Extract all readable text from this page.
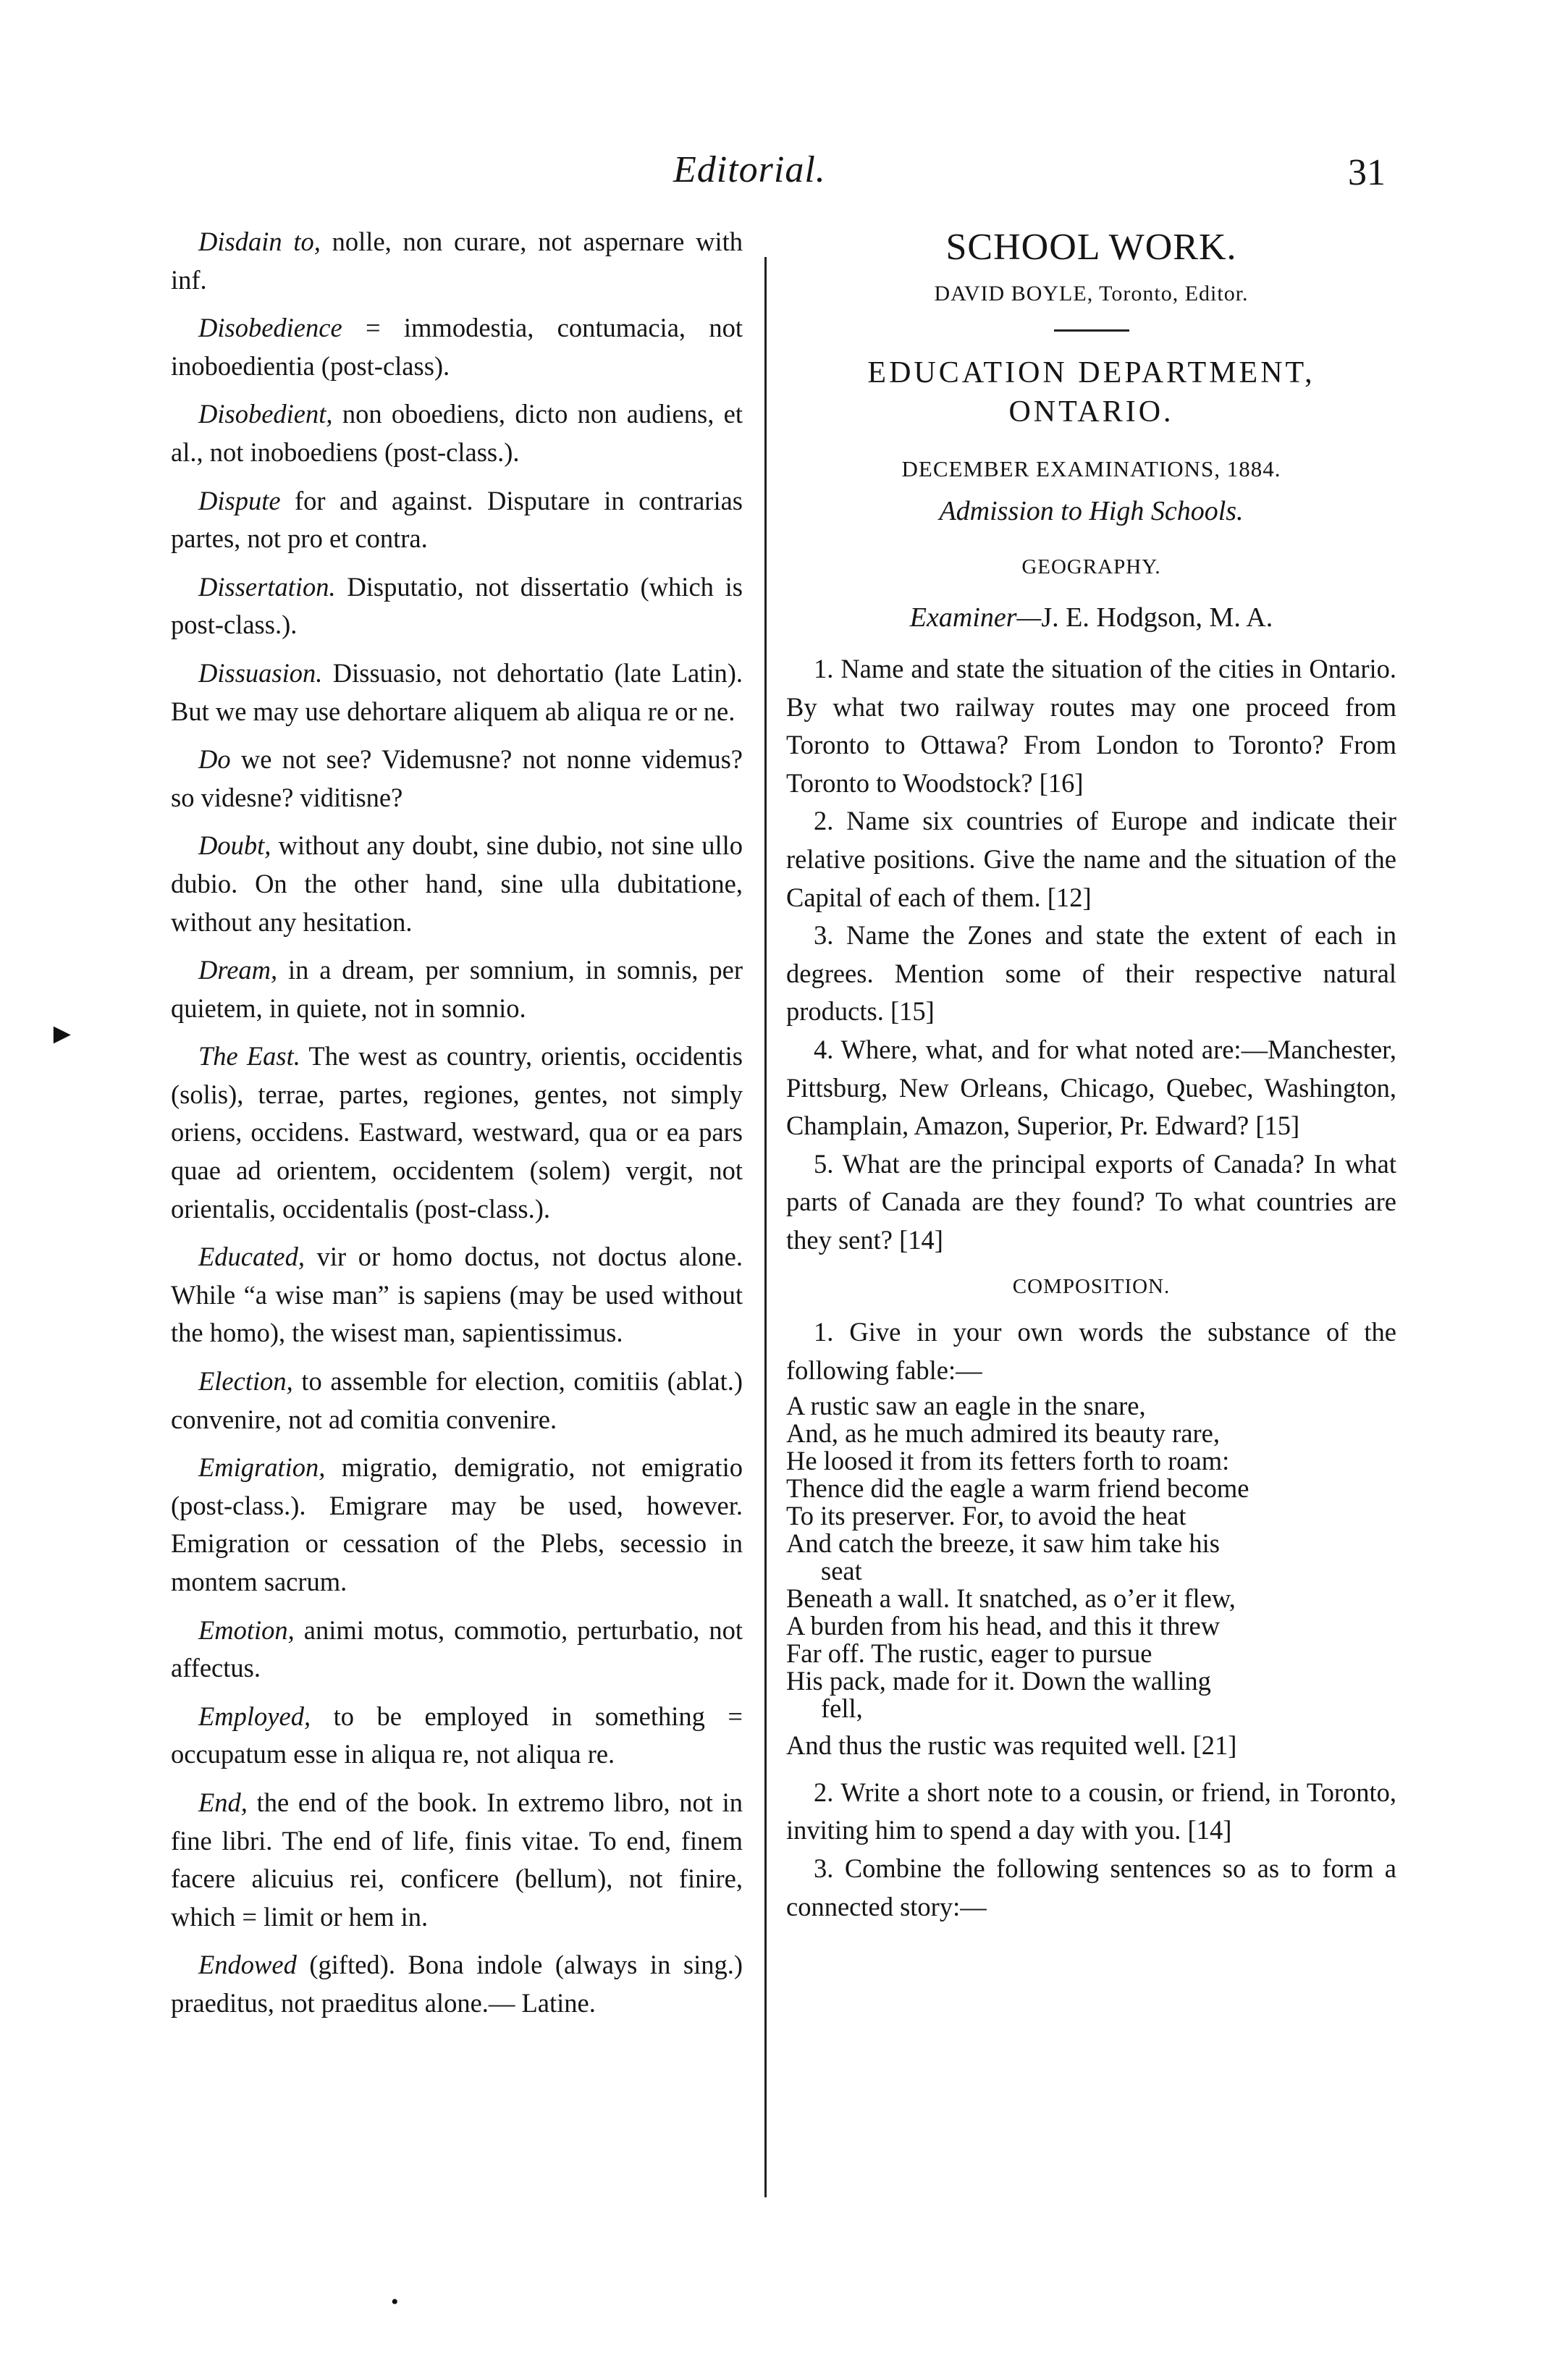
Editorial.	31

Disdain to, nolle, non curare, not aspernare with inf.

Disobedience = immodestia, contumacia, not inoboedientia (post-class).

Disobedient, non oboediens, dicto non audiens, et al., not inoboediens (post-class.).

Dispute for and against. Disputare in contrarias partes, not pro et contra.

Dissertation. Disputatio, not dissertatio (which is post-class.).

Dissuasion. Dissuasio, not dehortatio (late Latin). But we may use dehortare aliquem ab aliqua re or ne.

Do we not see? Videmusne? not nonne videmus? so videsne? viditisne?

Doubt, without any doubt, sine dubio, not sine ullo dubio. On the other hand, sine ulla dubitatione, without any hesitation.

Dream, in a dream, per somnium, in somnis, per quietem, in quiete, not in somnio.

The East. The west as country, orientis, occidentis (solis), terrae, partes, regiones, gentes, not simply oriens, occidens. Eastward, westward, qua or ea pars quae ad orientem, occidentem (solem) vergit, not orientalis, occidentalis (post-class.).

Educated, vir or homo doctus, not doctus alone. While “a wise man” is sapiens (may be used without the homo), the wisest man, sapientissimus.

Election, to assemble for election, comitiis (ablat.) convenire, not ad comitia convenire.

Emigration, migratio, demigratio, not emigratio (post-class.). Emigrare may be used, however. Emigration or cessation of the Plebs, secessio in montem sacrum.

Emotion, animi motus, commotio, perturbatio, not affectus.

Employed, to be employed in something = occupatum esse in aliqua re, not aliqua re.

End, the end of the book. In extremo libro, not in fine libri. The end of life, finis vitae. To end, finem facere alicuius rei, conficere (bellum), not finire, which = limit or hem in.

Endowed (gifted). Bona indole (always in sing.) praeditus, not praeditus alone.— Latine.

SCHOOL WORK.

DAVID BOYLE, Toronto, Editor.

EDUCATION DEPARTMENT,

ONTARIO.

DECEMBER EXAMINATIONS, 1884.

Admission to High Schools.

GEOGRAPHY.

Examiner—J. E. Hodgson, M. A.

1. Name and state the situation of the cities in Ontario. By what two railway routes may one proceed from Toronto to Ottawa? From London to Toronto? From Toronto to Woodstock? [16]

2. Name six countries of Europe and indicate their relative positions. Give the name and the situation of the Capital of each of them. [12]

3. Name the Zones and state the extent of each in degrees. Mention some of their respective natural products. [15]

4. Where, what, and for what noted are:—Manchester, Pittsburg, New Orleans, Chicago, Quebec, Washington, Champlain, Amazon, Superior, Pr. Edward? [15]

5. What are the principal exports of Canada? In what parts of Canada are they found? To what countries are they sent? [14]

COMPOSITION.

1. Give in your own words the substance of the following fable:—

A rustic saw an eagle in the snare,

And, as he much admired its beauty rare,

He loosed it from its fetters forth to roam:

Thence did the eagle a warm friend become

To its preserver. For, to avoid the heat

And catch the breeze, it saw him take his

seat

Beneath a wall. It snatched, as o’er it flew,

A burden from his head, and this it threw

Far off. The rustic, eager to pursue

His pack, made for it. Down the walling

fell,

And thus the rustic was requited well. [21]

2. Write a short note to a cousin, or friend, in Toronto, inviting him to spend a day with you. [14]

3. Combine the following sentences so as to form a connected story:—

►
•
